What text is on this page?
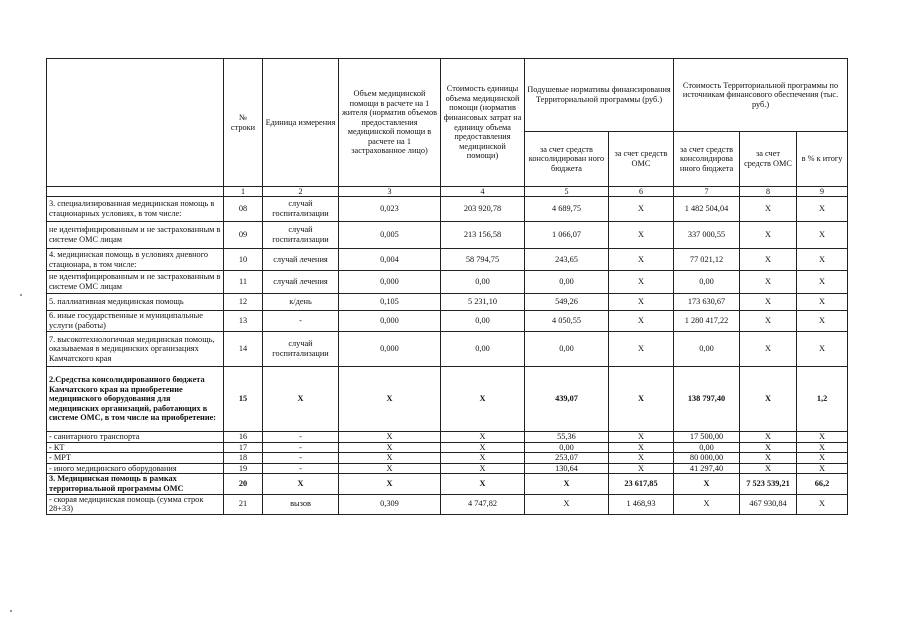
	№ строки	Единица измерения	Объем медицинской помощи в расчете на 1 жителя (норматив объемов предоставления медицинской помощи в расчете на 1 застрахованное лицо)	Стоимость единицы объема медицинской помощи (норматив финансовых затрат на единицу объема предоставления медицинской помощи)	Подушевые нормативы финансирования Территориальной программы (руб.)		Стоимость Территориальной программы по источникам финансового обеспечения (тыс. руб.)		
					за счет средств консолидирован ного бюджета	за счет средств ОМС	за счет средств консолидирова нного бюджета	за счет средств ОМС	в % к итогу
	1	2	3	4	5	6	7	8	9
3. специализированная медицинская помощь в стационарных условиях, в том числе:	08	случай госпитализации	0,023	203 920,78	4 689,75	Х	1 482 504,04	Х	Х
не идентифицированным и не застрахованным в системе ОМС лицам	09	случай госпитализации	0,005	213 156,58	1 066,07	Х	337 000,55	Х	Х
4. медицинская помощь в условиях дневного стационара, в том числе:	10	случай лечения	0,004	58 794,75	243,65	Х	77 021,12	Х	Х
не идентифицированным и не застрахованным в системе ОМС лицам	11	случай лечения	0,000	0,00	0,00	Х	0,00	Х	Х
5. паллиативная медицинская помощь	12	к/день	0,105	5 231,10	549,26	Х	173 630,67	Х	Х
6. иные государственные и муниципальные услуги (работы)	13	-	0,000	0,00	4 050,55	Х	1 280 417,22	Х	Х
7. высокотехнологичная медицинская помощь, оказываемая в медицинских организациях Камчатского края	14	случай госпитализации	0,000	0,00	0,00	Х	0,00	Х	Х
2.Средства консолидированного бюджета Камчатского края на приобретение медицинского оборудования для медицинских организаций, работающих в системе ОМС, в том числе на приобретение:	15	Х	Х	Х	439,07	Х	138 797,40	Х	1,2
- санитарного транспорта	16	-	Х	Х	55,36	Х	17 500,00	Х	Х
- КТ	17	-	Х	Х	0,00	Х	0,00	Х	Х
- МРТ	18	-	Х	Х	253,07	Х	80 000,00	Х	Х
- иного медицинского оборудования	19	-	Х	Х	130,64	Х	41 297,40	Х	Х
3. Медицинская помощь в рамках территориальной программы ОМС	20	Х	Х	Х	Х	23 617,85	Х	7 523 539,21	66,2
- скорая медицинская помощь (сумма строк 28+33)	21	вызов	0,309	4 747,82	Х	1 468,93	Х	467 930,84	Х
